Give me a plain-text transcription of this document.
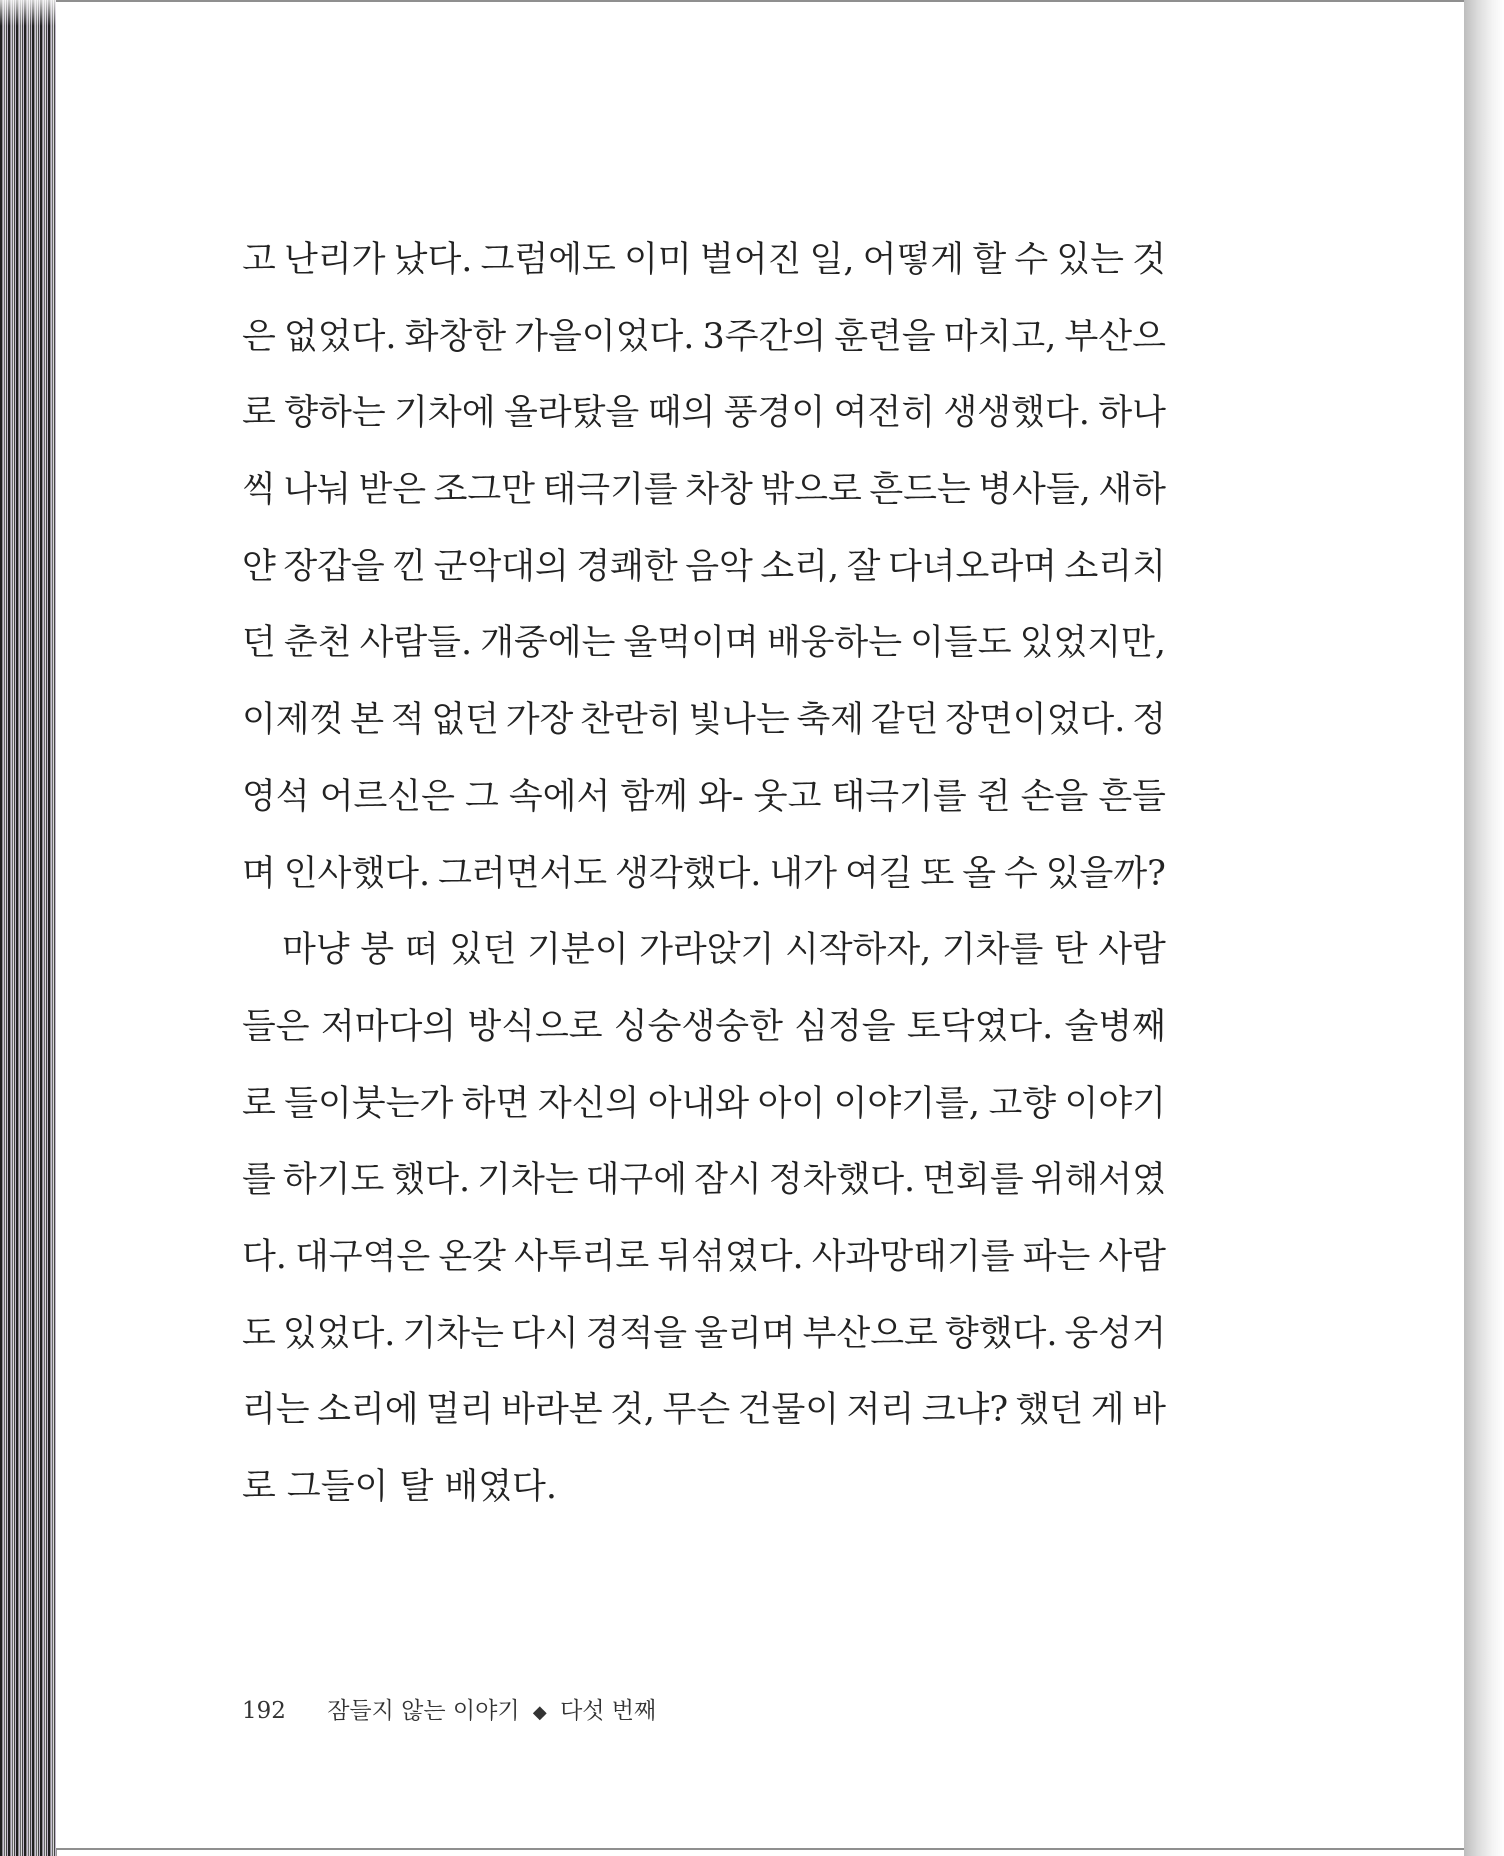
고 난리가 났다. 그럼에도 이미 벌어진 일, 어떻게 할 수 있는 것
은 없었다. 화창한 가을이었다. 3주간의 훈련을 마치고, 부산으
로 향하는 기차에 올라탔을 때의 풍경이 여전히 생생했다. 하나
씩 나눠 받은 조그만 태극기를 차창 밖으로 흔드는 병사들, 새하
얀 장갑을 낀 군악대의 경쾌한 음악 소리, 잘 다녀오라며 소리치
던 춘천 사람들. 개중에는 울먹이며 배웅하는 이들도 있었지만,
이제껏 본 적 없던 가장 찬란히 빛나는 축제 같던 장면이었다. 정
영석 어르신은 그 속에서 함께 와- 웃고 태극기를 쥔 손을 흔들
며 인사했다. 그러면서도 생각했다. 내가 여길 또 올 수 있을까?
마냥 붕 떠 있던 기분이 가라앉기 시작하자, 기차를 탄 사람
들은 저마다의 방식으로 싱숭생숭한 심정을 토닥였다. 술병째
로 들이붓는가 하면 자신의 아내와 아이 이야기를, 고향 이야기
를 하기도 했다. 기차는 대구에 잠시 정차했다. 면회를 위해서였
다. 대구역은 온갖 사투리로 뒤섞였다. 사과망태기를 파는 사람
도 있었다. 기차는 다시 경적을 울리며 부산으로 향했다. 웅성거
리는 소리에 멀리 바라본 것, 무슨 건물이 저리 크냐? 했던 게 바
로 그들이 탈 배였다.
192 잠들지 않는 이야기 ◆ 다섯 번째
